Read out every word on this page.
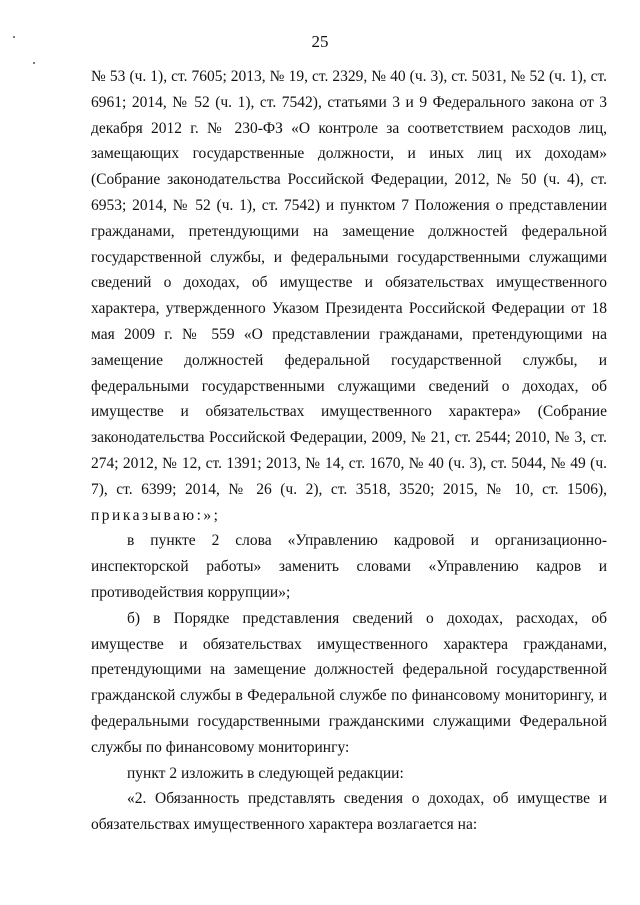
25

№ 53 (ч. 1), ст. 7605; 2013, № 19, ст. 2329, № 40 (ч. 3), ст. 5031, № 52 (ч. 1), ст. 6961; 2014, № 52 (ч. 1), ст. 7542), статьями 3 и 9 Федерального закона от 3 декабря 2012 г. № 230-ФЗ «О контроле за соответствием расходов лиц, замещающих государственные должности, и иных лиц их доходам» (Собрание законодательства Российской Федерации, 2012, № 50 (ч. 4), ст. 6953; 2014, № 52 (ч. 1), ст. 7542) и пунктом 7 Положения о представлении гражданами, претендующими на замещение должностей федеральной государственной службы, и федеральными государственными служащими сведений о доходах, об имуществе и обязательствах имущественного характера, утвержденного Указом Президента Российской Федерации от 18 мая 2009 г. № 559 «О представлении гражданами, претендующими на замещение должностей федеральной государственной службы, и федеральными государственными служащими сведений о доходах, об имуществе и обязательствах имущественного характера» (Собрание законодательства Российской Федерации, 2009, № 21, ст. 2544; 2010, № 3, ст. 274; 2012, № 12, ст. 1391; 2013, № 14, ст. 1670, № 40 (ч. 3), ст. 5044, № 49 (ч. 7), ст. 6399; 2014, № 26 (ч. 2), ст. 3518, 3520; 2015, № 10, ст. 1506), приказываю:»;

в пункте 2 слова «Управлению кадровой и организационно-инспекторской работы» заменить словами «Управлению кадров и противодействия коррупции»;

б) в Порядке представления сведений о доходах, расходах, об имуществе и обязательствах имущественного характера гражданами, претендующими на замещение должностей федеральной государственной гражданской службы в Федеральной службе по финансовому мониторингу, и федеральными государственными гражданскими служащими Федеральной службы по финансовому мониторингу:

пункт 2 изложить в следующей редакции:

«2. Обязанность представлять сведения о доходах, об имуществе и обязательствах имущественного характера возлагается на:
